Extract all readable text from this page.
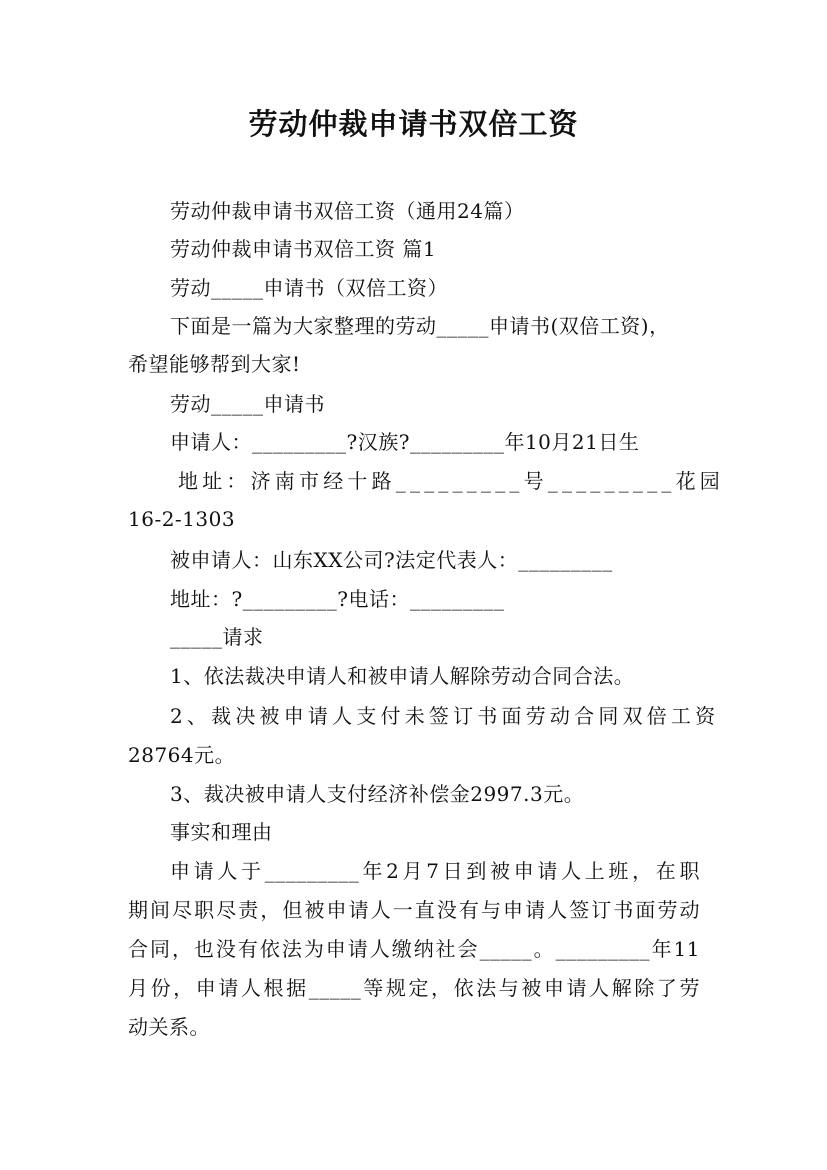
劳动仲裁申请书双倍工资
劳动仲裁申请书双倍工资（通用24篇）
劳动仲裁申请书双倍工资 篇1
劳动_____申请书（双倍工资）
下面是一篇为大家整理的劳动_____申请书(双倍工资)，
希望能够帮到大家!
劳动_____申请书
申请人：_________?汉族?_________年10月21日生
地址：济南市经十路_________号_________花园
16-2-1303
被申请人：山东XX公司?法定代表人：_________
地址：?_________?电话：_________
_____请求
1、依法裁决申请人和被申请人解除劳动合同合法。
2、裁决被申请人支付未签订书面劳动合同双倍工资
28764元。
3、裁决被申请人支付经济补偿金2997.3元。
事实和理由
申请人于_________年2月7日到被申请人上班，在职
期间尽职尽责，但被申请人一直没有与申请人签订书面劳动
合同，也没有依法为申请人缴纳社会_____。_________年11
月份，申请人根据_____等规定，依法与被申请人解除了劳
动关系。
